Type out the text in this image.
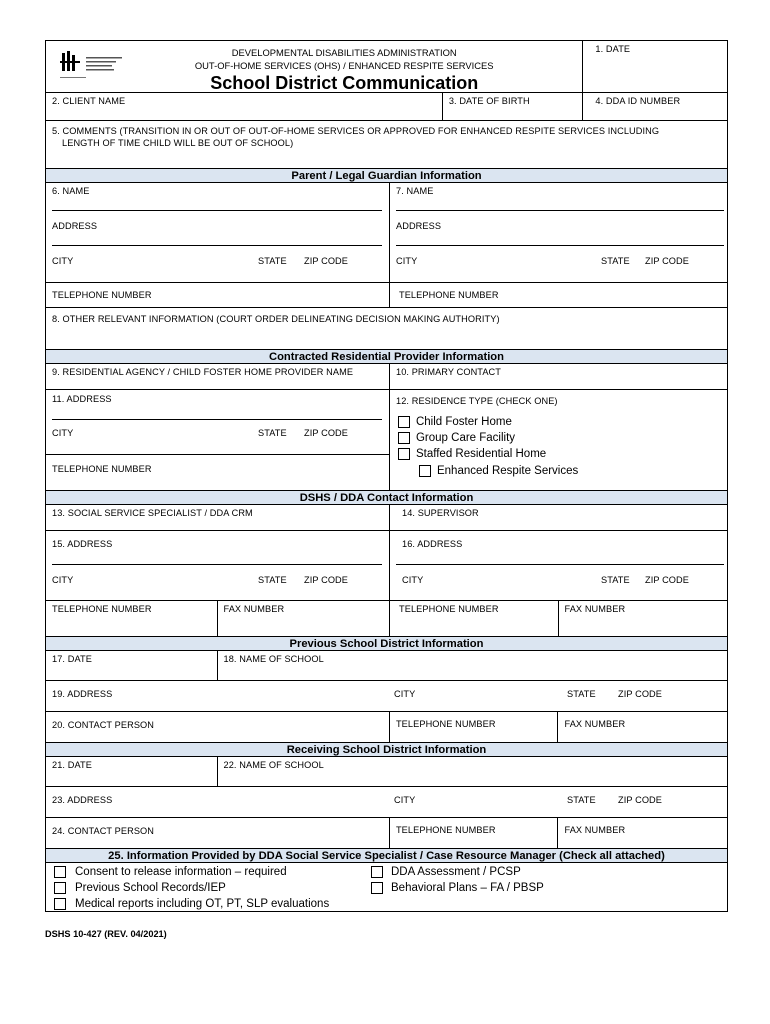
DEVELOPMENTAL DISABILITIES ADMINISTRATION
OUT-OF-HOME SERVICES (OHS) / ENHANCED RESPITE SERVICES
School District Communication
1. DATE
2. CLIENT NAME	3. DATE OF BIRTH	4. DDA ID NUMBER
5. COMMENTS (TRANSITION IN OR OUT OF OUT-OF-HOME SERVICES OR APPROVED FOR ENHANCED RESPITE SERVICES INCLUDING
LENGTH OF TIME CHILD WILL BE OUT OF SCHOOL)
Parent / Legal Guardian Information
6. NAME
ADDRESS
CITY	STATE ZIP CODE
TELEPHONE NUMBER
7. NAME
ADDRESS
CITY	STATE ZIP CODE
TELEPHONE NUMBER
8. OTHER RELEVANT INFORMATION (COURT ORDER DELINEATING DECISION MAKING AUTHORITY)
Contracted Residential Provider Information
9. RESIDENTIAL AGENCY / CHILD FOSTER HOME PROVIDER NAME	10. PRIMARY CONTACT
11. ADDRESS
CITY	STATE ZIP CODE
TELEPHONE NUMBER
12. RESIDENCE TYPE (CHECK ONE)
Child Foster Home
Group Care Facility
Staffed Residential Home
Enhanced Respite Services
DSHS / DDA Contact Information
13. SOCIAL SERVICE SPECIALIST / DDA CRM	14. SUPERVISOR
15. ADDRESS
CITY	STATE ZIP CODE
16. ADDRESS
CITY	STATE ZIP CODE
TELEPHONE NUMBER	FAX NUMBER	TELEPHONE NUMBER	FAX NUMBER
Previous School District Information
17. DATE	18. NAME OF SCHOOL
19. ADDRESS	CITY	STATE ZIP CODE
20. CONTACT PERSON	TELEPHONE NUMBER	FAX NUMBER
Receiving School District Information
21. DATE	22. NAME OF SCHOOL
23. ADDRESS	CITY	STATE ZIP CODE
24. CONTACT PERSON	TELEPHONE NUMBER	FAX NUMBER
25. Information Provided by DDA Social Service Specialist / Case Resource Manager (Check all attached)
Consent to release information – required
Previous School Records/IEP
Medical reports including OT, PT, SLP evaluations
DDA Assessment / PCSP
Behavioral Plans – FA / PBSP
DSHS 10-427 (REV. 04/2021)
